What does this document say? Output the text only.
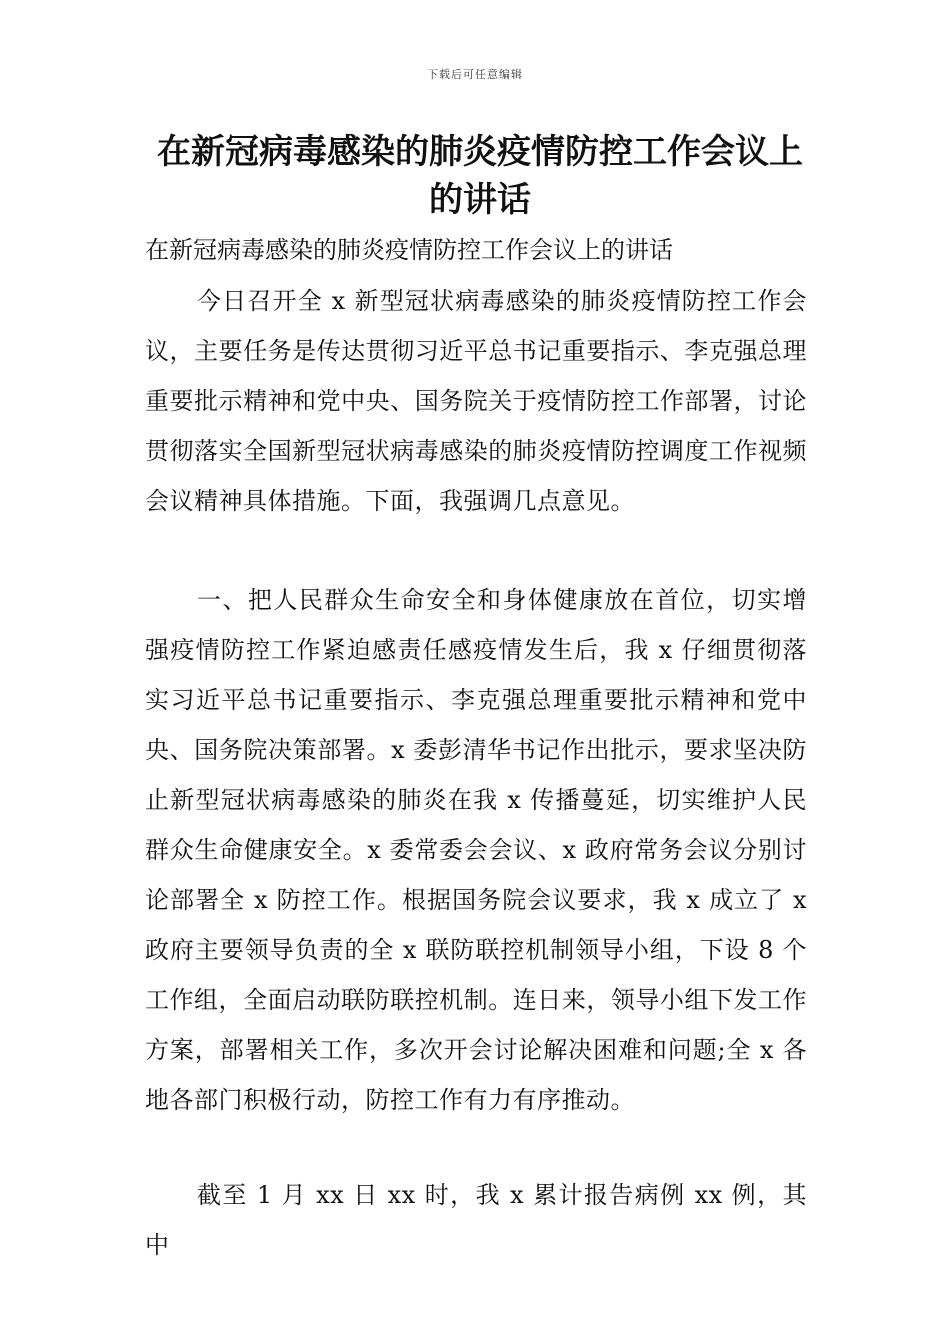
下载后可任意编辑
在新冠病毒感染的肺炎疫情防控工作会议上的讲话
在新冠病毒感染的肺炎疫情防控工作会议上的讲话
今日召开全 x 新型冠状病毒感染的肺炎疫情防控工作会议，主要任务是传达贯彻习近平总书记重要指示、李克强总理重要批示精神和党中央、国务院关于疫情防控工作部署，讨论贯彻落实全国新型冠状病毒感染的肺炎疫情防控调度工作视频会议精神具体措施。下面，我强调几点意见。
一、把人民群众生命安全和身体健康放在首位，切实增强疫情防控工作紧迫感责任感疫情发生后，我 x 仔细贯彻落实习近平总书记重要指示、李克强总理重要批示精神和党中央、国务院决策部署。x 委彭清华书记作出批示，要求坚决防止新型冠状病毒感染的肺炎在我 x 传播蔓延，切实维护人民群众生命健康安全。x 委常委会会议、x 政府常务会议分别讨论部署全 x 防控工作。根据国务院会议要求，我 x 成立了 x 政府主要领导负责的全 x 联防联控机制领导小组，下设 8 个工作组，全面启动联防联控机制。连日来，领导小组下发工作方案，部署相关工作，多次开会讨论解决困难和问题;全 x 各地各部门积极行动，防控工作有力有序推动。
截至 1 月 xx 日 xx 时，我 x 累计报告病例 xx 例，其中
